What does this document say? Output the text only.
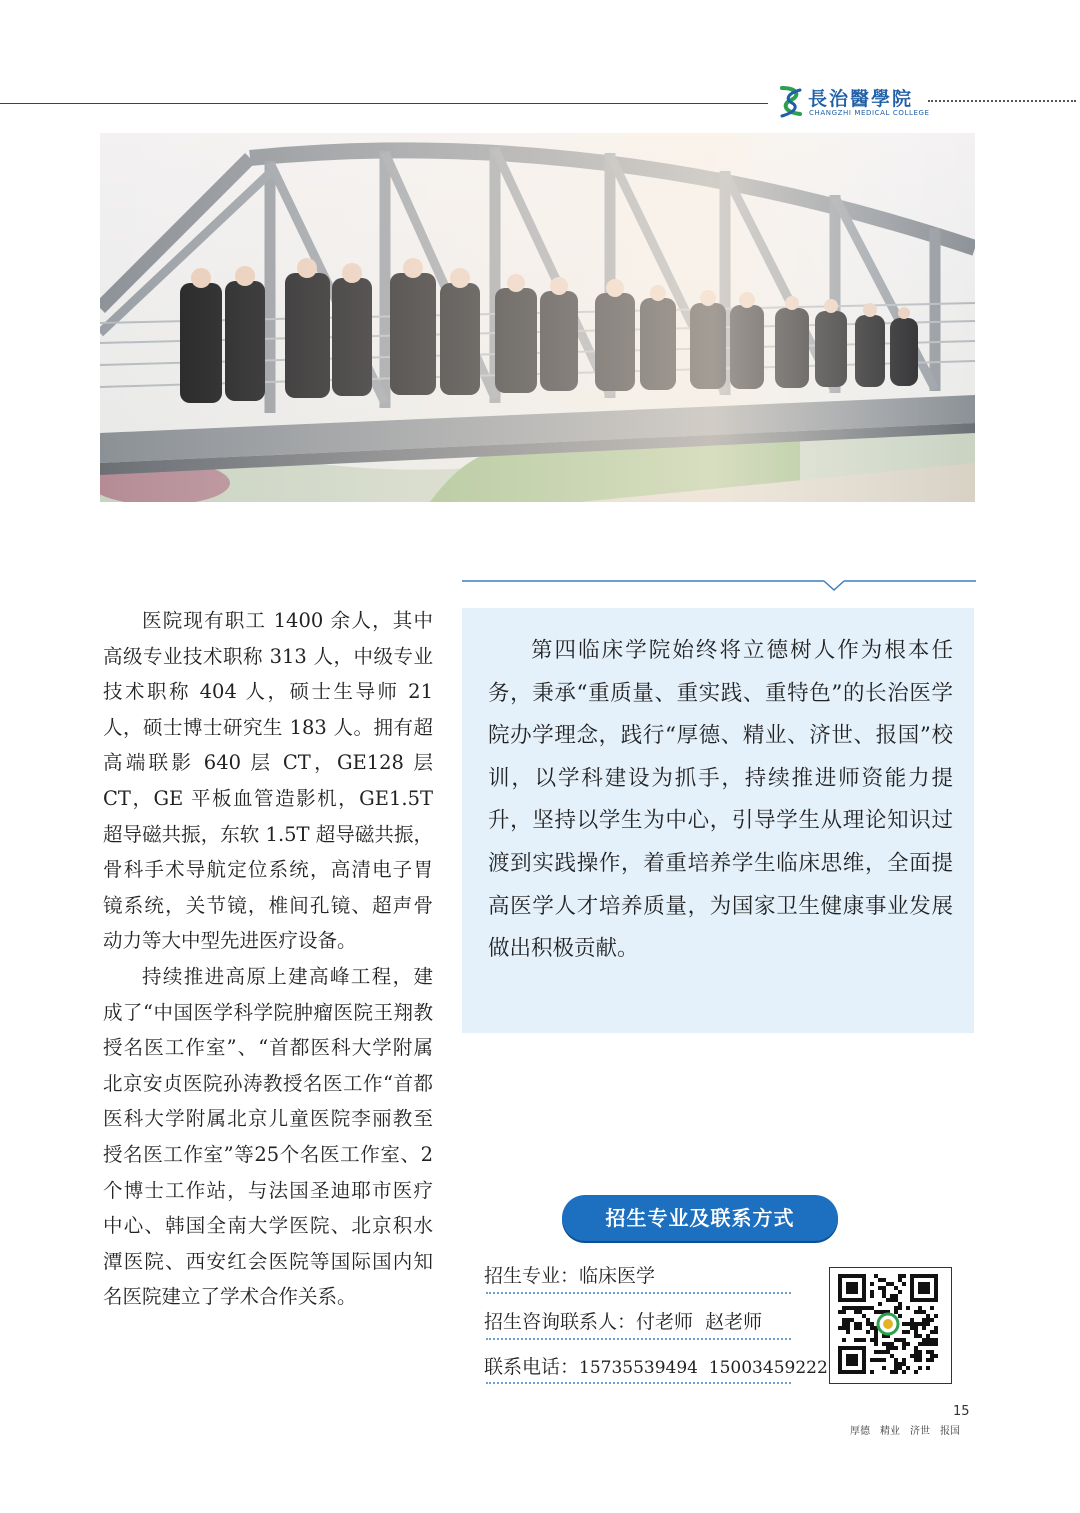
長治醫學院
CHANGZHI MEDICAL COLLEGE

医院现有职工 1400 余人，其中高级专业技术职称 313 人，中级专业技术职称 404 人，硕士生导师 21 人，硕士博士研究生 183 人。拥有超高端联影 640 层 CT，GE128 层 CT，GE 平板血管造影机，GE1.5T 超导磁共振，东软 1.5T 超导磁共振，骨科手术导航定位系统，高清电子胃镜系统，关节镜，椎间孔镜、超声骨动力等大中型先进医疗设备。

持续推进高原上建高峰工程，建成了“中国医学科学院肿瘤医院王翔教授名医工作室”、“首都医科大学附属北京安贞医院孙涛教授名医工作“首都医科大学附属北京儿童医院李丽教至授名医工作室”等25个名医工作室、2个博士工作站，与法国圣迪耶市医疗中心、韩国全南大学医院、北京积水潭医院、西安红会医院等国际国内知名医院建立了学术合作关系。

第四临床学院始终将立德树人作为根本任务，秉承“重质量、重实践、重特色”的长治医学院办学理念，践行“厚德、精业、济世、报国”校训，以学科建设为抓手，持续推进师资能力提升，坚持以学生为中心，引导学生从理论知识过渡到实践操作，着重培养学生临床思维，全面提高医学人才培养质量，为国家卫生健康事业发展做出积极贡献。

招生专业及联系方式
招生专业：临床医学
招生咨询联系人：付老师  赵老师
联系电话：15735539494  15003459222
15
厚德 精业 济世 报国
